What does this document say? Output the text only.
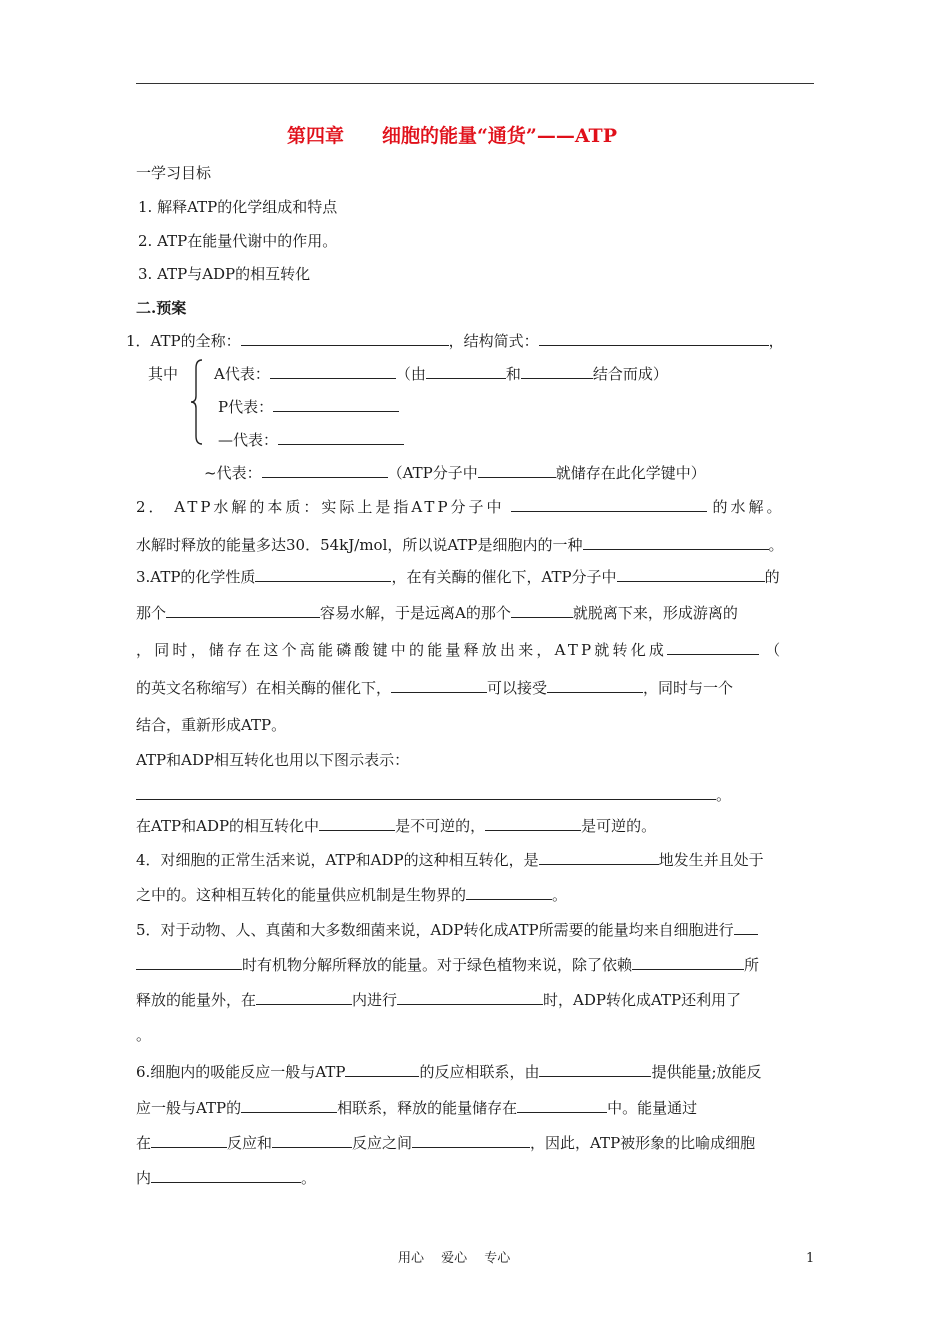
第四章　　细胞的能量“通货”——ATP
一学习目标
1. 解释ATP的化学组成和特点
2. ATP在能量代谢中的作用。
3. ATP与ADP的相互转化
二.预案
1．ATP的全称：	，结构简式：	，
其中 A代表：	（由	和	结合而成）
P代表：
—代表：
~代表：	（ATP分子中	就储存在此化学键中）
2． ATP水解的本质：实际上是指ATP分子中	的水解。
水解时释放的能量多达30．54kJ/mol，所以说ATP是细胞内的一种	。
3.ATP的化学性质	，在有关酶的催化下，ATP分子中	的
那个	容易水解，于是远离A的那个	就脱离下来，形成游离的
，同时，储存在这个高能磷酸键中的能量释放出来，ATP就转化成	（
的英文名称缩写）在相关酶的催化下，	可以接受	，同时与一个
结合，重新形成ATP。
ATP和ADP相互转化也用以下图示表示：
。
在ATP和ADP的相互转化中	是不可逆的，	是可逆的。
4．对细胞的正常生活来说，ATP和ADP的这种相互转化，是	地发生并且处于
之中的。这种相互转化的能量供应机制是生物界的	。
5．对于动物、人、真菌和大多数细菌来说，ADP转化成ATP所需要的能量均来自细胞进行
时有机物分解所释放的能量。对于绿色植物来说，除了依赖	所
释放的能量外，在	内进行	时，ADP转化成ATP还利用了
。
6.细胞内的吸能反应一般与ATP	的反应相联系，由	提供能量;放能反
应一般与ATP的	相联系，释放的能量储存在	中。能量通过
在	反应和	反应之间	，因此，ATP被形象的比喻成细胞
内	。
用心　 爱心　 专心	1
